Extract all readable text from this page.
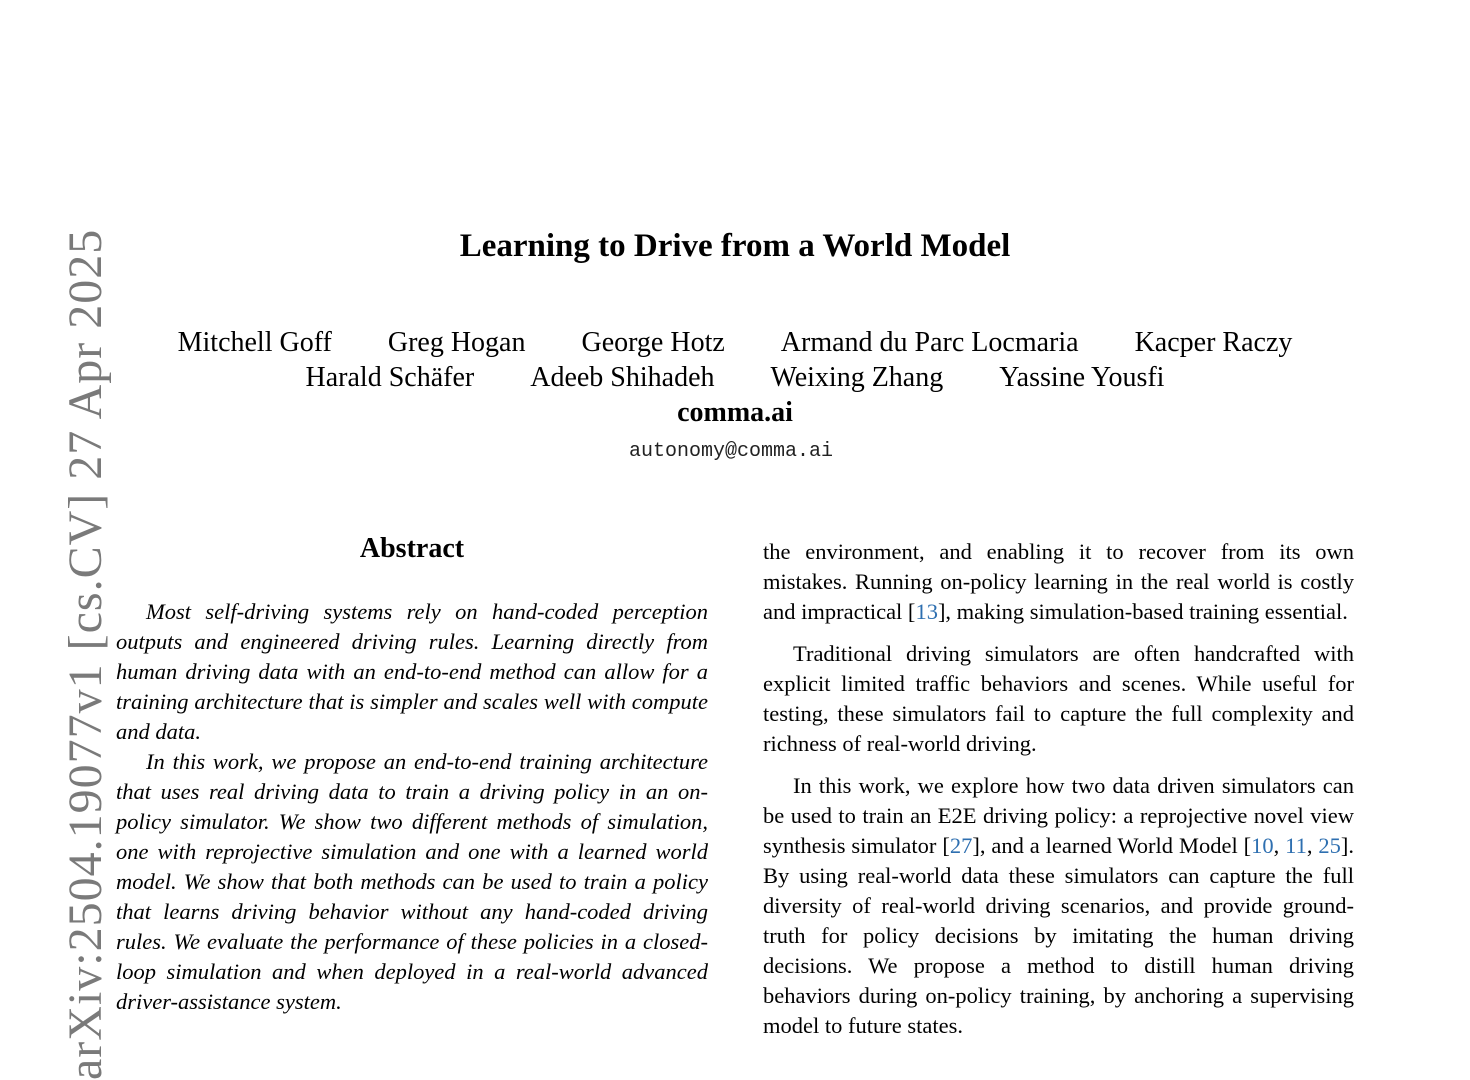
arXiv:2504.19077v1 [cs.CV] 27 Apr 2025	Learning to Drive from a World Model
Mitchell Goff Greg Hogan George Hotz Armand du Parc Locmaria Kacper Raczy
Harald Schäfer Adeeb Shihadeh Weixing Zhang Yassine Yousfi
comma.ai
autonomy@comma.ai
Abstract

Most self-driving systems rely on hand-coded perception outputs and engineered driving rules. Learning directly from human driving data with an end-to-end method can allow for a training architecture that is simpler and scales well with compute and data.

In this work, we propose an end-to-end training architecture that uses real driving data to train a driving policy in an on-policy simulator. We show two different methods of simulation, one with reprojective simulation and one with a learned world model. We show that both methods can be used to train a policy that learns driving behavior without any hand-coded driving rules. We evaluate the performance of these policies in a closed-loop simulation and when deployed in a real-world advanced driver-assistance system.

the environment, and enabling it to recover from its own mistakes. Running on-policy learning in the real world is costly and impractical [13], making simulation-based training essential.

Traditional driving simulators are often handcrafted with explicit limited traffic behaviors and scenes. While useful for testing, these simulators fail to capture the full complexity and richness of real-world driving.

In this work, we explore how two data driven simulators can be used to train an E2E driving policy: a reprojective novel view synthesis simulator [27], and a learned World Model [10, 11, 25]. By using real-world data these simulators can capture the full diversity of real-world driving scenarios, and provide ground-truth for policy decisions by imitating the human driving decisions. We propose a method to distill human driving behaviors during on-policy training, by anchoring a supervising model to future states.
